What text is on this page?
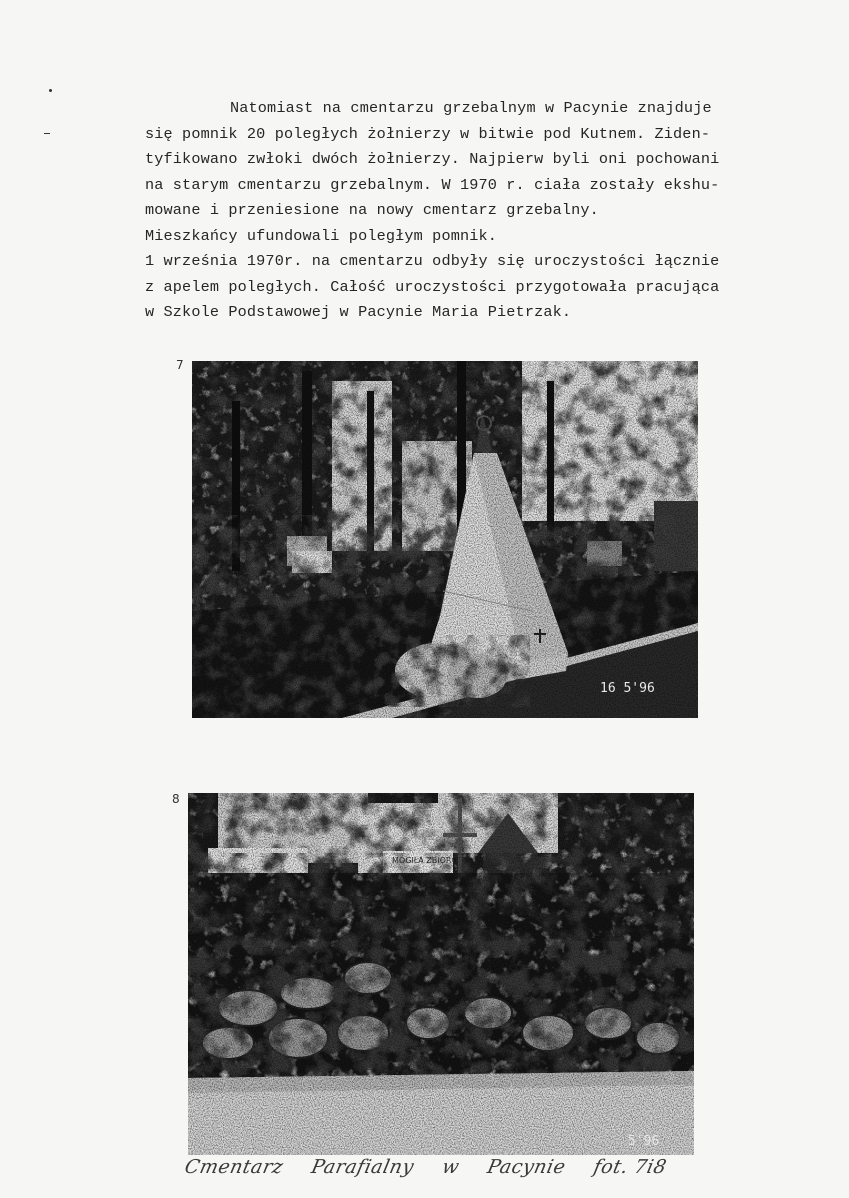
Natomiast na cmentarzu grzebalnym w Pacynie znajduje
się pomnik 20 poległych żołnierzy w bitwie pod Kutnem. Ziden-
tyfikowano zwłoki dwóch żołnierzy. Najpierw byli oni pochowani
na starym cmentarzu grzebalnym. W 1970 r. ciała zostały ekshu-
mowane i przeniesione na nowy cmentarz grzebalny.
Mieszkańcy ufundowali poległym pomnik.
1 września 1970r. na cmentarzu odbyły się uroczystości łącznie
z apelem poległych. Całość uroczystości przygotowała pracująca
w Szkole Podstawowej w Pacynie Maria Pietrzak.
7
16 5'96
8
5'96
Cmentarz Parafialny w Pacynie fot. 7i8
